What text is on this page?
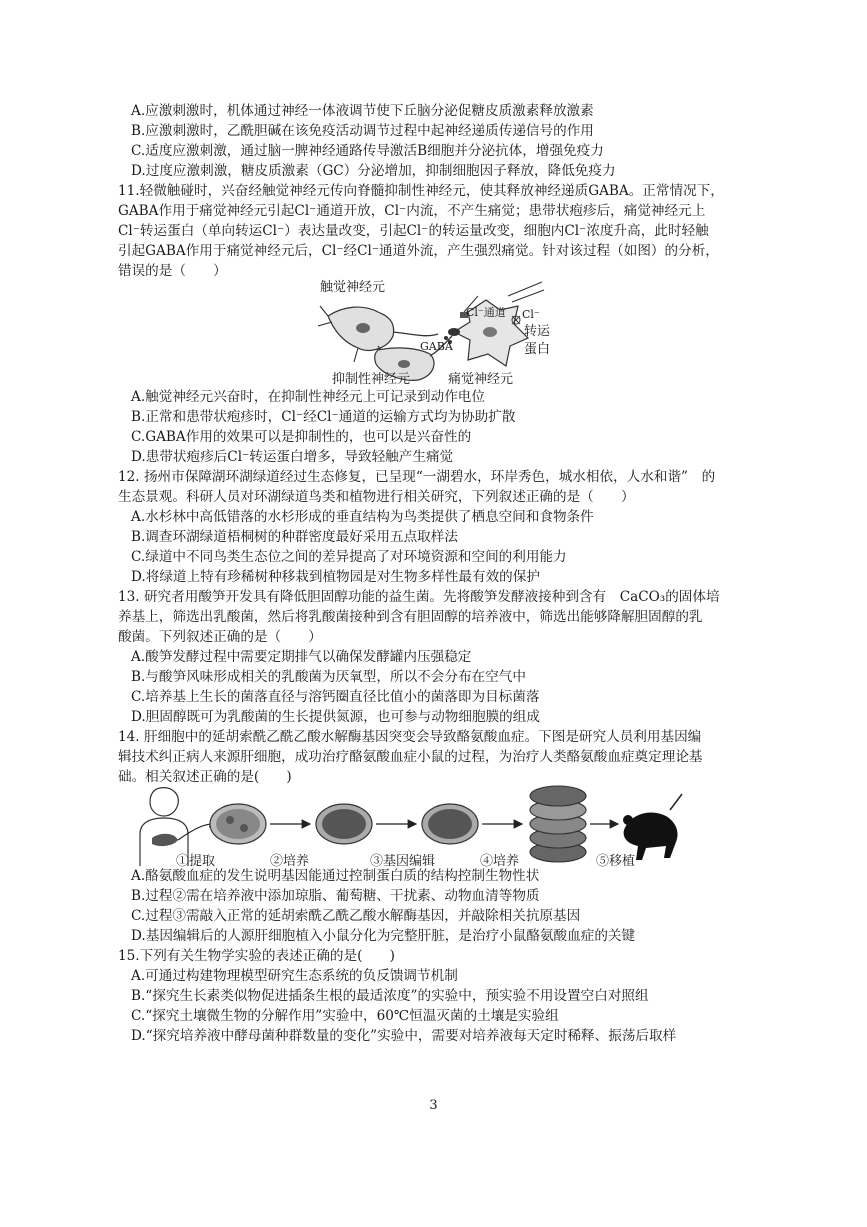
A.应激刺激时，机体通过神经一体液调节使下丘脑分泌促糖皮质激素释放激素
B.应激刺激时，乙酰胆碱在该免疫活动调节过程中起神经递质传递信号的作用
C.适度应激刺激，通过脑一脾神经通路传导激活B细胞并分泌抗体，增强免疫力
D.过度应激刺激，糖皮质激素（GC）分泌增加，抑制细胞因子释放，降低免疫力
11.轻微触碰时，兴奋经触觉神经元传向脊髓抑制性神经元，使其释放神经递质GABA。正常情况下，
GABA作用于痛觉神经元引起Cl⁻通道开放，Cl⁻内流，不产生痛觉；患带状疱疹后，痛觉神经元上
Cl⁻转运蛋白（单向转运Cl⁻）表达量改变，引起Cl⁻的转运量改变，细胞内Cl⁻浓度升高，此时轻触
引起GABA作用于痛觉神经元后，Cl⁻经Cl⁻通道外流，产生强烈痛觉。针对该过程（如图）的分析，
错误的是（　　）
触觉神经元
Cl⁻通道 Cl⁻
转运
蛋白
GABA
抑制性神经元	痛觉神经元
A.触觉神经元兴奋时，在抑制性神经元上可记录到动作电位
B.正常和患带状疱疹时，Cl⁻经Cl⁻通道的运输方式均为协助扩散
C.GABA作用的效果可以是抑制性的，也可以是兴奋性的
D.患带状疱疹后Cl⁻转运蛋白增多，导致轻触产生痛觉
12. 扬州市保障湖环湖绿道经过生态修复，已呈现“一湖碧水，环岸秀色，城水相依，人水和谐”　的
生态景观。科研人员对环湖绿道鸟类和植物进行相关研究，下列叙述正确的是（　　）
A.水杉林中高低错落的水杉形成的垂直结构为鸟类提供了栖息空间和食物条件
B.调查环湖绿道梧桐树的种群密度最好采用五点取样法
C.绿道中不同鸟类生态位之间的差异提高了对环境资源和空间的利用能力
D.将绿道上特有珍稀树种移栽到植物园是对生物多样性最有效的保护
13. 研究者用酸笋开发具有降低胆固醇功能的益生菌。先将酸笋发酵液接种到含有　CaCO₃的固体培
养基上，筛选出乳酸菌，然后将乳酸菌接种到含有胆固醇的培养液中，筛选出能够降解胆固醇的乳
酸菌。下列叙述正确的是（　　）
A.酸笋发酵过程中需要定期排气以确保发酵罐内压强稳定
B.与酸笋风味形成相关的乳酸菌为厌氧型，所以不会分布在空气中
C.培养基上生长的菌落直径与溶钙圈直径比值小的菌落即为目标菌落
D.胆固醇既可为乳酸菌的生长提供氮源，也可参与动物细胞膜的组成
14. 肝细胞中的延胡索酰乙酰乙酸水解酶基因突变会导致酪氨酸血症。下图是研究人员利用基因编
辑技术纠正病人来源肝细胞，成功治疗酪氨酸血症小鼠的过程，为治疗人类酪氨酸血症奠定理论基
础。相关叙述正确的是(　　)
①提取	②培养	③基因编辑	④培养	⑤移植
A.酪氨酸血症的发生说明基因能通过控制蛋白质的结构控制生物性状
B.过程②需在培养液中添加琼脂、葡萄糖、干扰素、动物血清等物质
C.过程③需敲入正常的延胡索酰乙酰乙酸水解酶基因，并敲除相关抗原基因
D.基因编辑后的人源肝细胞植入小鼠分化为完整肝脏，是治疗小鼠酪氨酸血症的关键
15.下列有关生物学实验的表述正确的是(　　)
A.可通过构建物理模型研究生态系统的负反馈调节机制
B.“探究生长素类似物促进插条生根的最适浓度”的实验中，预实验不用设置空白对照组
C.“探究土壤微生物的分解作用”实验中，60℃恒温灭菌的土壤是实验组
D.“探究培养液中酵母菌种群数量的变化”实验中，需要对培养液每天定时稀释、振荡后取样
3
